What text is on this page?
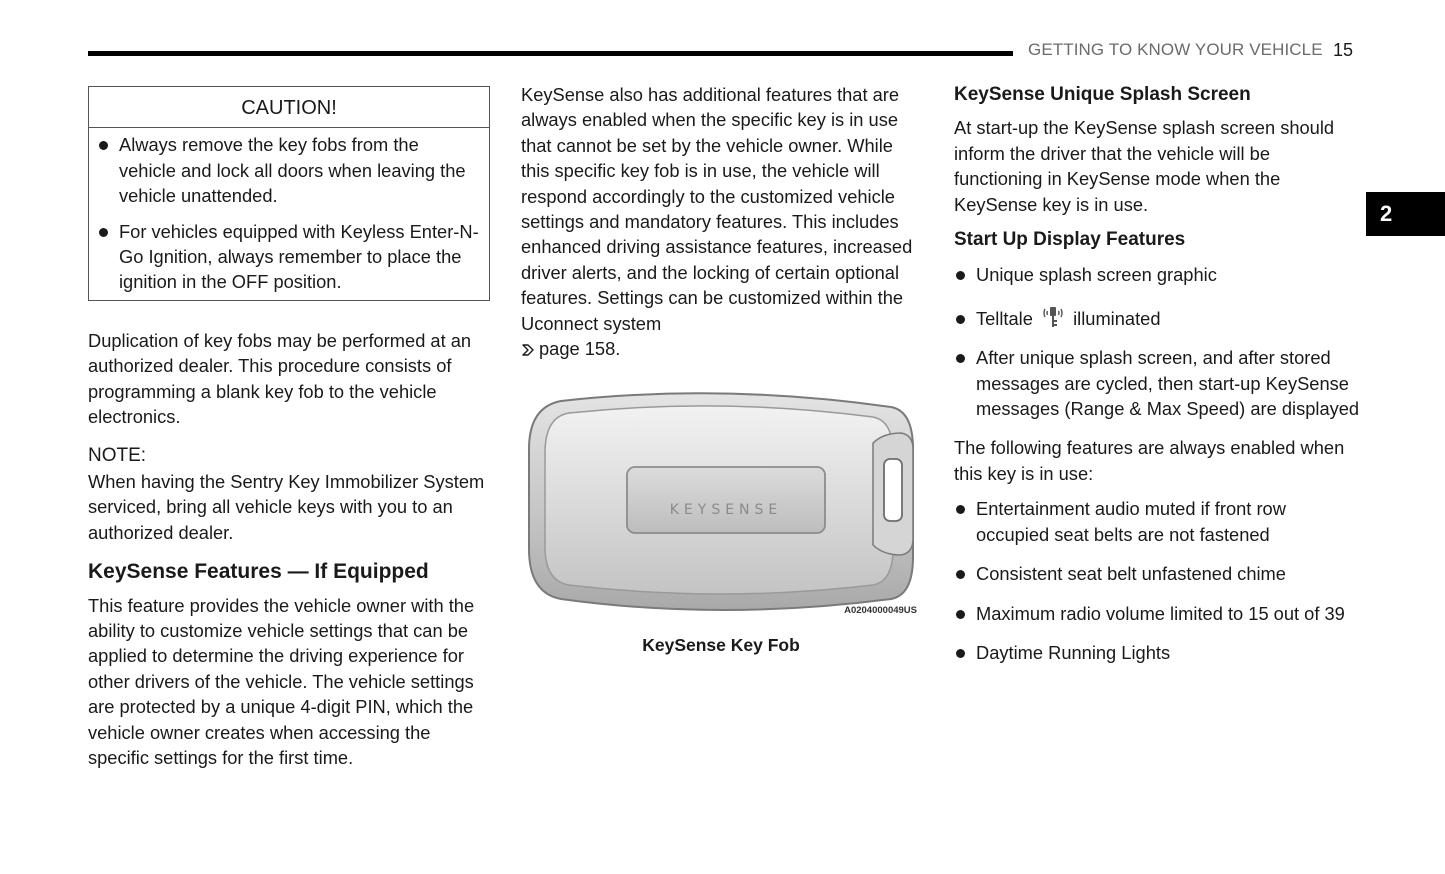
GETTING TO KNOW YOUR VEHICLE 15
2
CAUTION!
Always remove the key fobs from the vehicle and lock all doors when leaving the vehicle unattended.
For vehicles equipped with Keyless Enter-N-Go Ignition, always remember to place the ignition in the OFF position.

Duplication of key fobs may be performed at an authorized dealer. This procedure consists of programming a blank key fob to the vehicle electronics.

NOTE:

When having the Sentry Key Immobilizer System serviced, bring all vehicle keys with you to an authorized dealer.

KeySense Features — If Equipped

This feature provides the vehicle owner with the ability to customize vehicle settings that can be applied to determine the driving experience for other drivers of the vehicle. The vehicle settings are protected by a unique 4-digit PIN, which the vehicle owner creates when accessing the specific settings for the first time.

KeySense also has additional features that are always enabled when the specific key is in use that cannot be set by the vehicle owner. While this specific key fob is in use, the vehicle will respond accordingly to the customized vehicle settings and mandatory features. This includes enhanced driving assistance features, increased driver alerts, and the locking of certain optional features. Settings can be customized within the Uconnect system
page 158.

KEYSENSE
A0204000049US
KeySense Key Fob
KeySense Unique Splash Screen

At start-up the KeySense splash screen should inform the driver that the vehicle will be functioning in KeySense mode when the KeySense key is in use.

Start Up Display Features
Unique splash screen graphic
Telltale illuminated
After unique splash screen, and after stored messages are cycled, then start-up KeySense messages (Range & Max Speed) are displayed

The following features are always enabled when this key is in use:

Entertainment audio muted if front row occupied seat belts are not fastened
Consistent seat belt unfastened chime
Maximum radio volume limited to 15 out of 39
Daytime Running Lights
